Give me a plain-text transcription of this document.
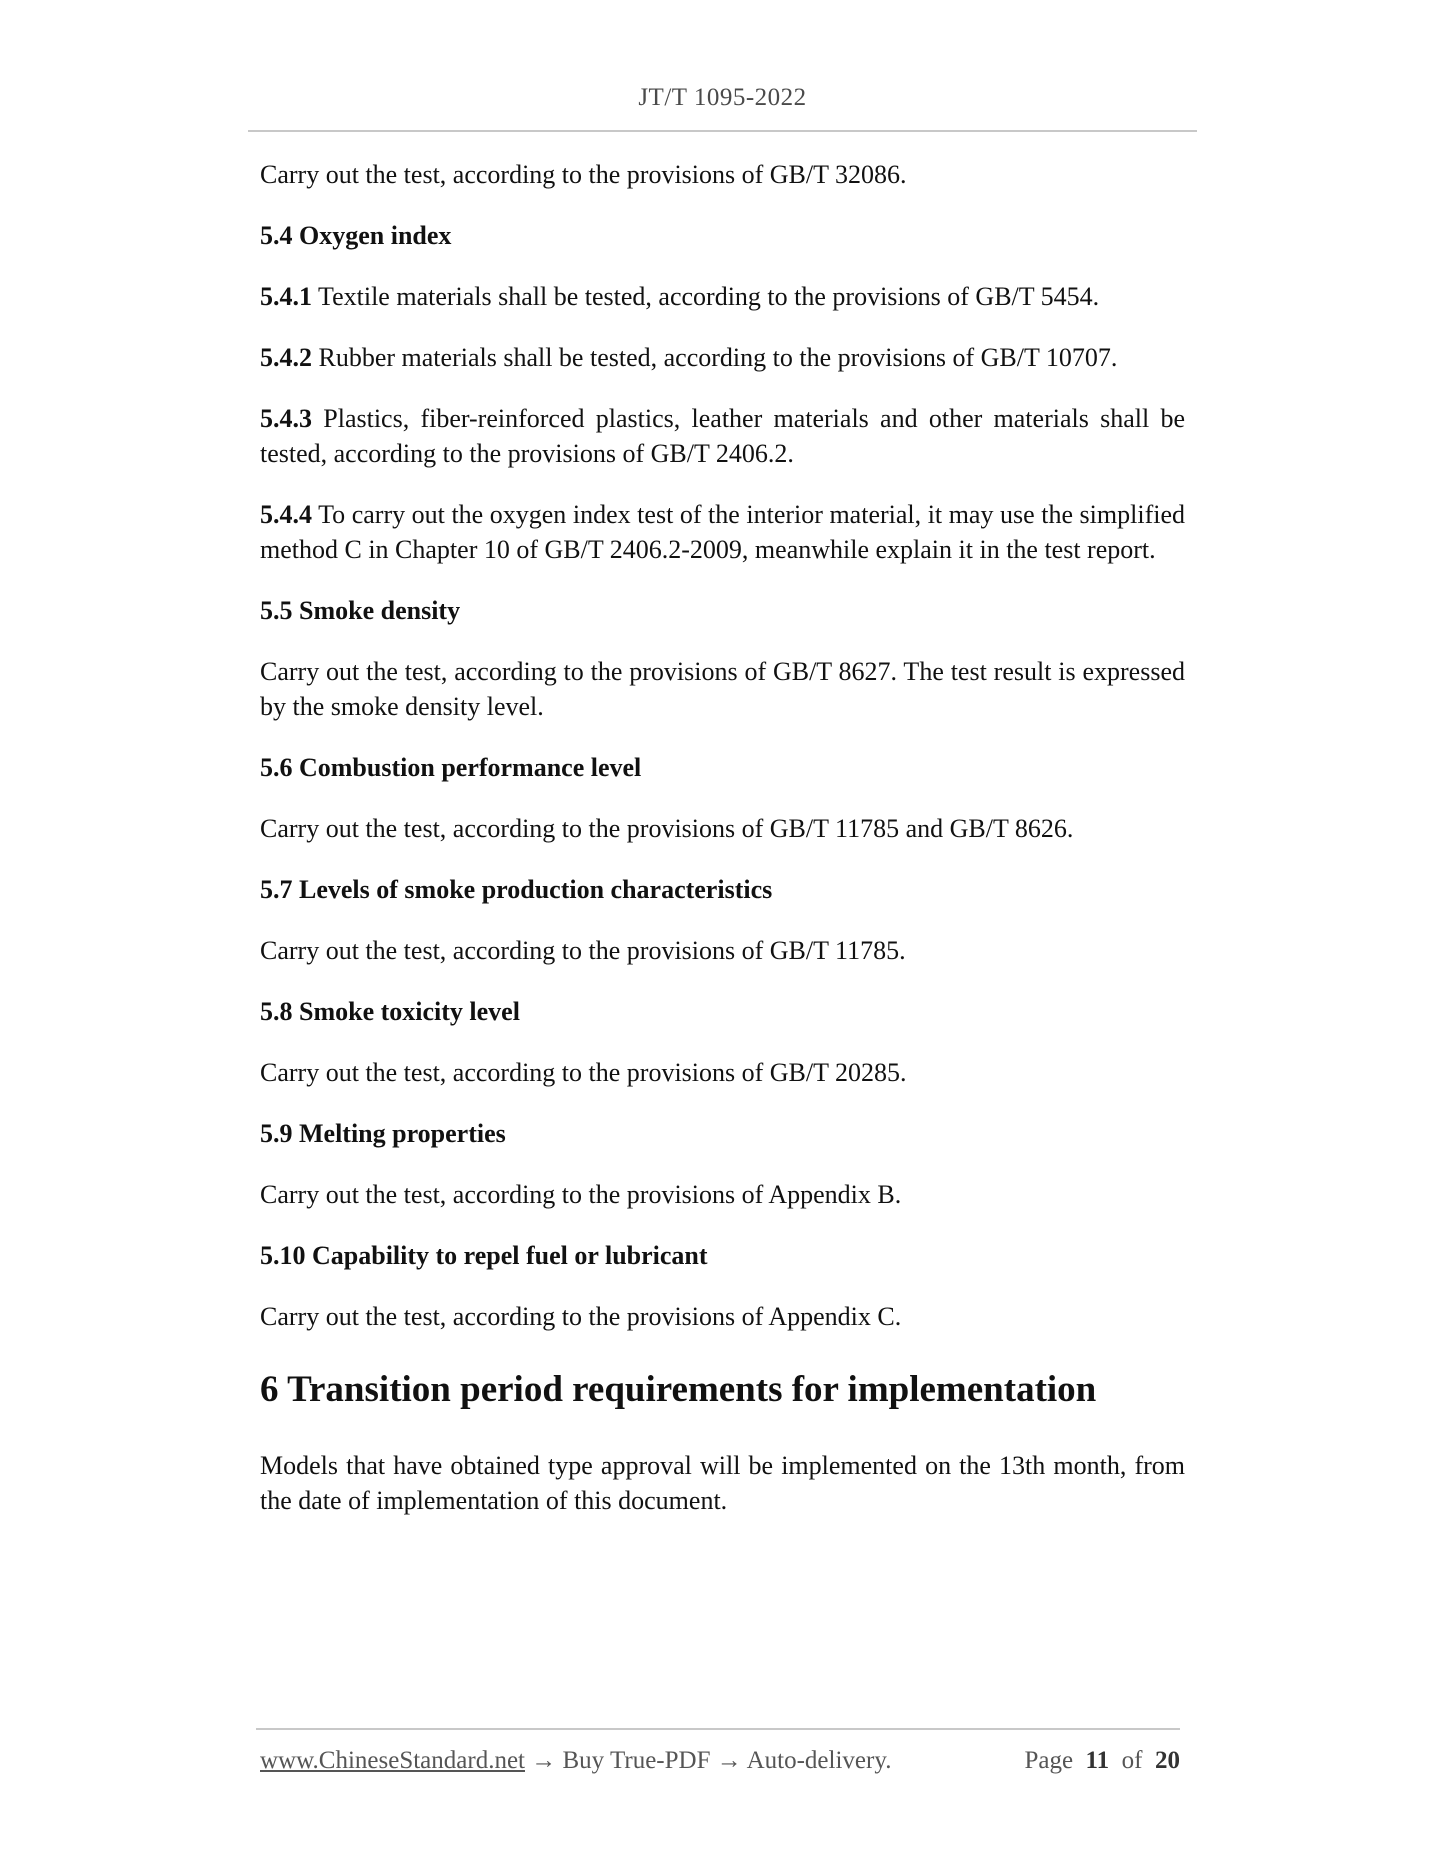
JT/T 1095-2022

Carry out the test, according to the provisions of GB/T 32086.

5.4 Oxygen index

5.4.1 Textile materials shall be tested, according to the provisions of GB/T 5454.

5.4.2 Rubber materials shall be tested, according to the provisions of GB/T 10707.

5.4.3 Plastics, fiber-reinforced plastics, leather materials and other materials shall be tested, according to the provisions of GB/T 2406.2.

5.4.4 To carry out the oxygen index test of the interior material, it may use the simplified method C in Chapter 10 of GB/T 2406.2-2009, meanwhile explain it in the test report.

5.5 Smoke density

Carry out the test, according to the provisions of GB/T 8627. The test result is expressed by the smoke density level.

5.6 Combustion performance level

Carry out the test, according to the provisions of GB/T 11785 and GB/T 8626.

5.7 Levels of smoke production characteristics

Carry out the test, according to the provisions of GB/T 11785.

5.8 Smoke toxicity level

Carry out the test, according to the provisions of GB/T 20285.

5.9 Melting properties

Carry out the test, according to the provisions of Appendix B.

5.10 Capability to repel fuel or lubricant

Carry out the test, according to the provisions of Appendix C.

6 Transition period requirements for implementation

Models that have obtained type approval will be implemented on the 13th month, from the date of implementation of this document.

www.ChineseStandard.net → Buy True-PDF → Auto-delivery.	Page 11 of 20
